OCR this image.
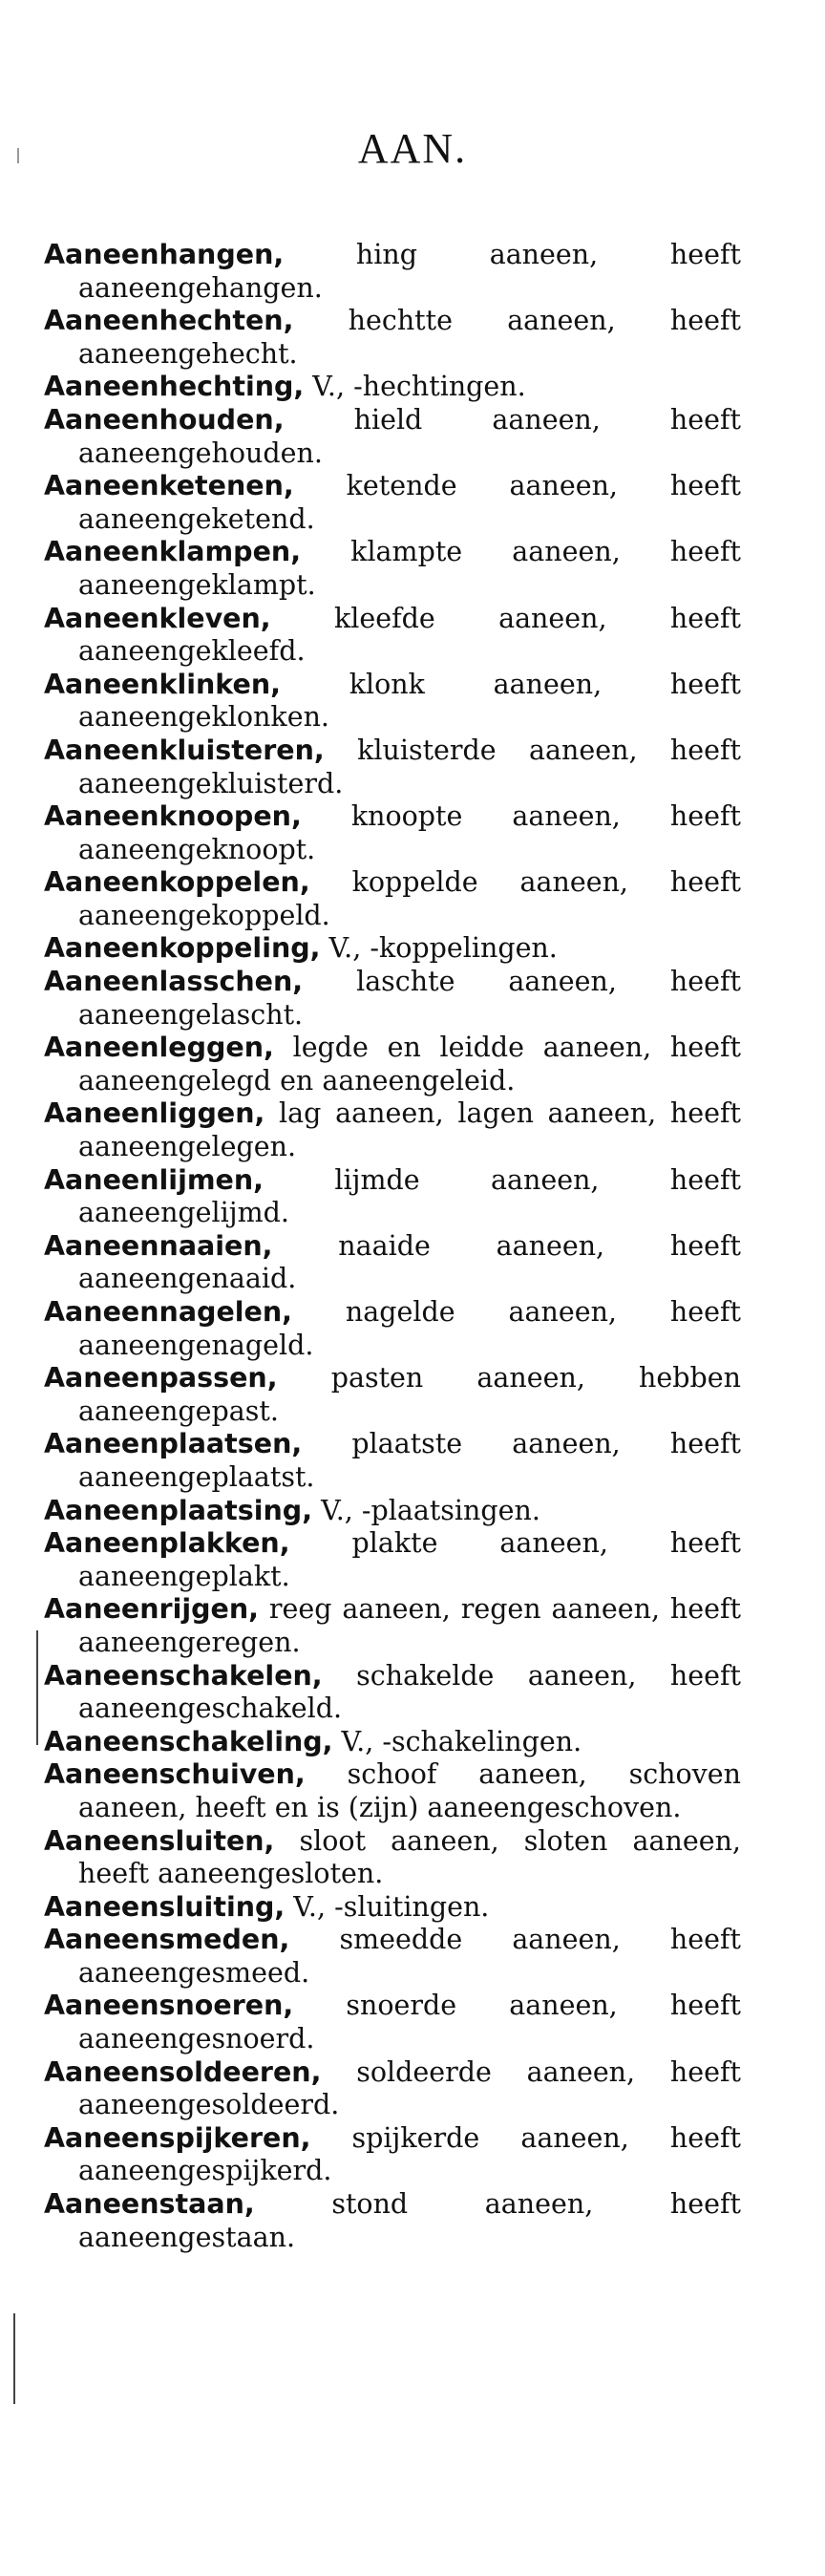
AAN.
Aaneenhangen, hing aaneen, heeft aaneengehangen.
Aaneenhechten, hechtte aaneen, heeft aaneengehecht.
Aaneenhechting, V., -hechtingen.
Aaneenhouden, hield aaneen, heeft aaneengehouden.
Aaneenketenen, ketende aaneen, heeft aaneengeketend.
Aaneenklampen, klampte aaneen, heeft aaneengeklampt.
Aaneenkleven, kleefde aaneen, heeft aaneengekleefd.
Aaneenklinken, klonk aaneen, heeft aaneengeklonken.
Aaneenkluisteren, kluisterde aaneen, heeft aaneengekluisterd.
Aaneenknoopen, knoopte aaneen, heeft aaneengeknoopt.
Aaneenkoppelen, koppelde aaneen, heeft aaneengekoppeld.
Aaneenkoppeling, V., -koppelingen.
Aaneenlasschen, laschte aaneen, heeft aaneengelascht.
Aaneenleggen, legde en leidde aaneen, heeft aaneengelegd en aaneengeleid.
Aaneenliggen, lag aaneen, lagen aaneen, heeft aaneengelegen.
Aaneenlijmen, lijmde aaneen, heeft aaneengelijmd.
Aaneennaaien, naaide aaneen, heeft aaneengenaaid.
Aaneennagelen, nagelde aaneen, heeft aaneengenageld.
Aaneenpassen, pasten aaneen, hebben aaneengepast.
Aaneenplaatsen, plaatste aaneen, heeft aaneengeplaatst.
Aaneenplaatsing, V., -plaatsingen.
Aaneenplakken, plakte aaneen, heeft aaneengeplakt.
Aaneenrijgen, reeg aaneen, regen aaneen, heeft aaneengeregen.
Aaneenschakelen, schakelde aaneen, heeft aaneengeschakeld.
Aaneenschakeling, V., -schakelingen.
Aaneenschuiven, schoof aaneen, schoven aaneen, heeft en is (zijn) aaneengeschoven.
Aaneensluiten, sloot aaneen, sloten aaneen, heeft aaneengesloten.
Aaneensluiting, V., -sluitingen.
Aaneensmeden, smeedde aaneen, heeft aaneengesmeed.
Aaneensnoeren, snoerde aaneen, heeft aaneengesnoerd.
Aaneensoldeeren, soldeerde aaneen, heeft aaneengesoldeerd.
Aaneenspijkeren, spijkerde aaneen, heeft aaneengespijkerd.
Aaneenstaan, stond aaneen, heeft aaneengestaan.
